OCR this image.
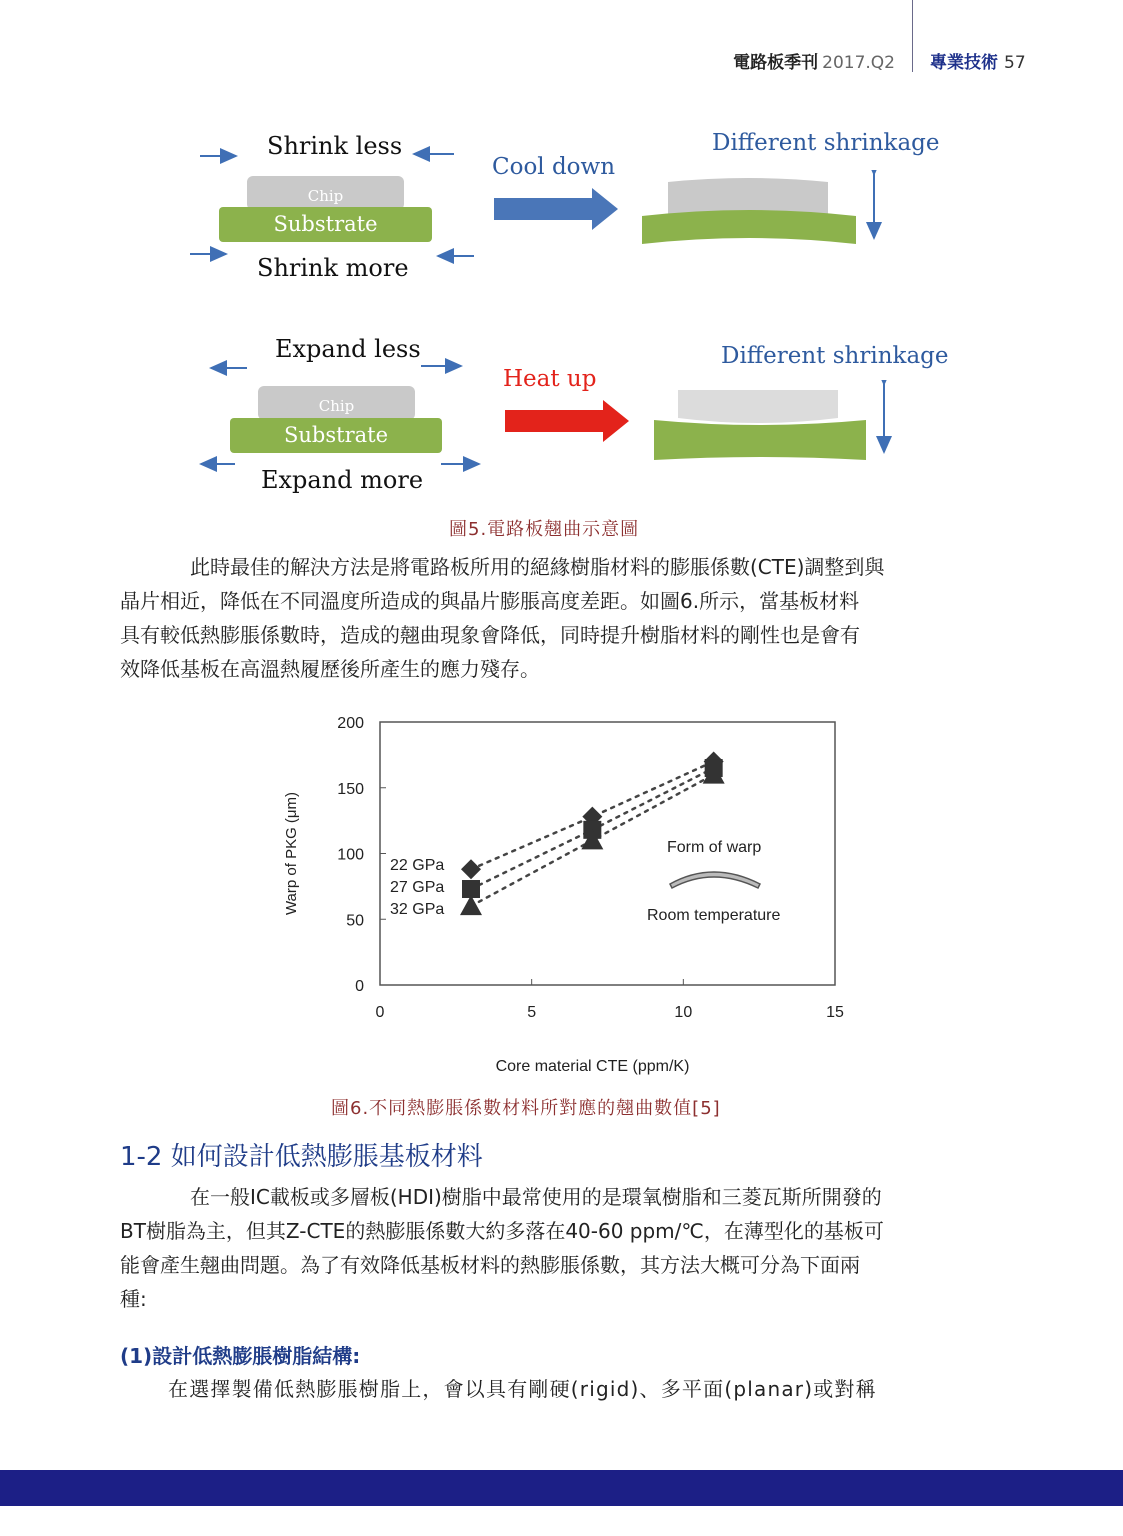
電路板季刊 2017.Q2 專業技術 57
Shrink less
Chip
Substrate
Shrink more
Cool down
Different shrinkage
Expand less
Chip
Substrate
Expand more
Heat up
Different shrinkage
圖5.電路板翹曲示意圖

此時最佳的解決方法是將電路板所用的絕緣樹脂材料的膨脹係數(CTE)調整到與

晶片相近，降低在不同溫度所造成的與晶片膨脹高度差距。如圖6.所示，當基板材料

具有較低熱膨脹係數時，造成的翹曲現象會降低，同時提升樹脂材料的剛性也是會有

效降低基板在高溫熱履歷後所產生的應力殘存。

0	5	10	15
0
50
100
150
200
Core material CTE (ppm/K)
Warp of PKG (μm)	22 GPa
27 GPa
32 GPa
Form of warp
Room temperature
圖6.不同熱膨脹係數材料所對應的翹曲數值[5]
1-2 如何設計低熱膨脹基板材料

在一般IC載板或多層板(HDI)樹脂中最常使用的是環氧樹脂和三菱瓦斯所開發的

BT樹脂為主，但其Z-CTE的熱膨脹係數大約多落在40-60 ppm/℃，在薄型化的基板可

能會產生翹曲問題。為了有效降低基板材料的熱膨脹係數，其方法大概可分為下面兩

種:

(1)設計低熱膨脹樹脂結構:

在選擇製備低熱膨脹樹脂上，會以具有剛硬(rigid)、多平面(planar)或對稱
